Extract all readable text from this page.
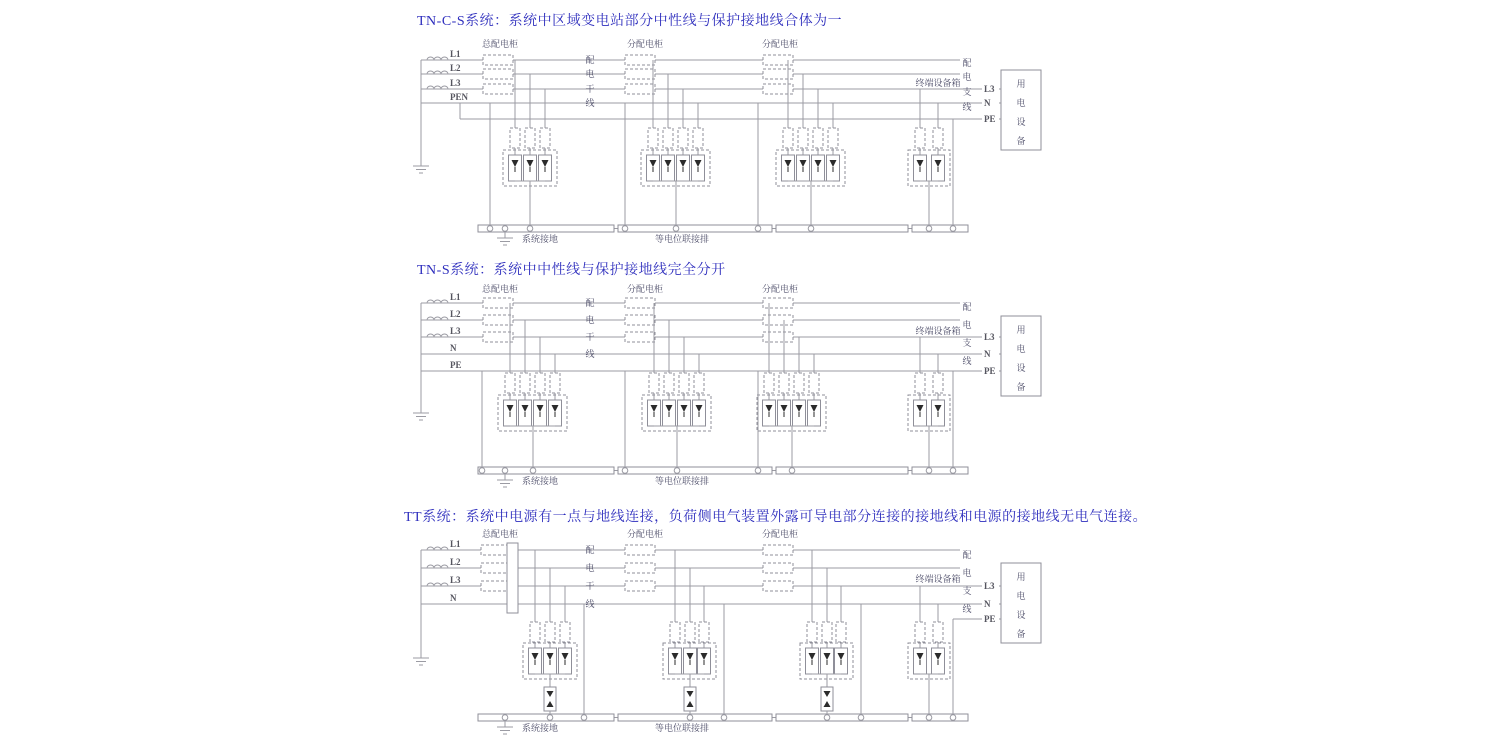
TN-C-S系统：系统中区域变电站部分中性线与保护接地线合体为一
TN-S系统：系统中中性线与保护接地线完全分开
TT系统：系统中电源有一点与地线连接，负荷侧电气装置外露可导电部分连接的接地线和电源的接地线无电气连接。
L1
L2
L3
PEN
总配电柜	分配电柜	分配电柜
配
电
干
线
配
电
支
线
终端设备箱
L3
N
PE
用
电
设
备
系统接地	等电位联接排
L1
L2
L3
N
PE
总配电柜	分配电柜	分配电柜
配
电
干
线
配
电
支
线
终端设备箱
L3
N
PE
用
电
设
备
系统接地	等电位联接排
L1
L2
L3
N
总配电柜	分配电柜	分配电柜
配
电
干
线
配
电
支
线
终端设备箱
L3
N
PE
用
电
设
备
系统接地	等电位联接排
